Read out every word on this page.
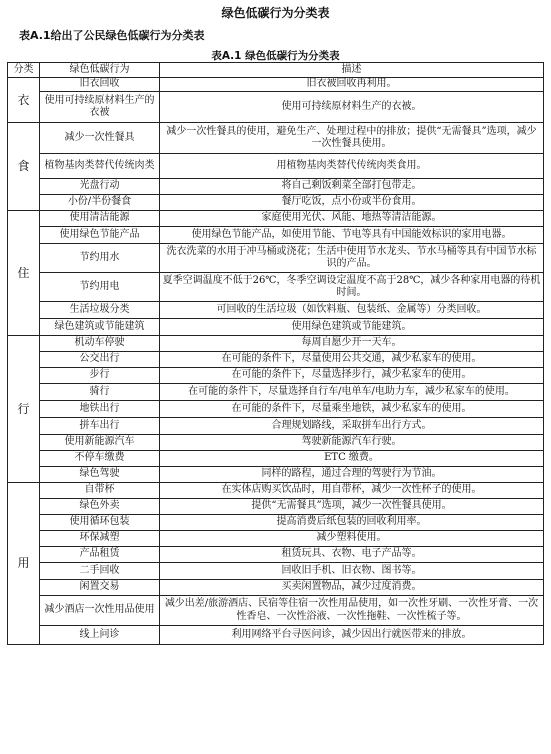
绿色低碳行为分类表
表A.1给出了公民绿色低碳行为分类表
表A.1 绿色低碳行为分类表
分类	绿色低碳行为	描述
衣	旧衣回收	旧衣被回收再利用。
	使用可持续原材料生产的衣被	使用可持续原材料生产的衣被。
食	减少一次性餐具	减少一次性餐具的使用，避免生产、处理过程中的排放；提供“无需餐具”选项，减少一次性餐具使用。
	植物基肉类替代传统肉类	用植物基肉类替代传统肉类食用。
	光盘行动	将自己剩饭剩菜全部打包带走。
	小份/半份餐食	餐厅吃饭，点小份或半份食用。
住	使用清洁能源	家庭使用光伏、风能、地热等清洁能源。
	使用绿色节能产品	使用绿色节能产品，如使用节能、节电等具有中国能效标识的家用电器。
	节约用水	洗衣洗菜的水用于冲马桶或浇花；生活中使用节水龙头、节水马桶等具有中国节水标识的产品。
	节约用电	夏季空调温度不低于26℃，冬季空调设定温度不高于28℃，减少各种家用电器的待机时间。
	生活垃圾分类	可回收的生活垃圾（如饮料瓶、包装纸、金属等）分类回收。
	绿色建筑或节能建筑	使用绿色建筑或节能建筑。
行	机动车停驶	每周自愿少开一天车。
	公交出行	在可能的条件下，尽量使用公共交通，减少私家车的使用。
	步行	在可能的条件下，尽量选择步行，减少私家车的使用。
	骑行	在可能的条件下，尽量选择自行车/电单车/电助力车，减少私家车的使用。
	地铁出行	在可能的条件下，尽量乘坐地铁，减少私家车的使用。
	拼车出行	合理规划路线，采取拼车出行方式。
	使用新能源汽车	驾驶新能源汽车行驶。
	不停车缴费	ETC 缴费。
	绿色驾驶	同样的路程，通过合理的驾驶行为节油。
用	自带杯	在实体店购买饮品时，用自带杯，减少一次性杯子的使用。
	绿色外卖	提供“无需餐具”选项，减少一次性餐具使用。
	使用循环包装	提高消费后纸包装的回收利用率。
	环保减塑	减少塑料使用。
	产品租赁	租赁玩具、衣物、电子产品等。
	二手回收	回收旧手机、旧衣物、图书等。
	闲置交易	买卖闲置物品，减少过度消费。
	减少酒店一次性用品使用	减少出差/旅游酒店、民宿等住宿一次性用品使用，如一次性牙刷、一次性牙膏、一次性香皂、一次性浴液、一次性拖鞋、一次性梳子等。
	线上问诊	利用网络平台寻医问诊，减少因出行就医带来的排放。
